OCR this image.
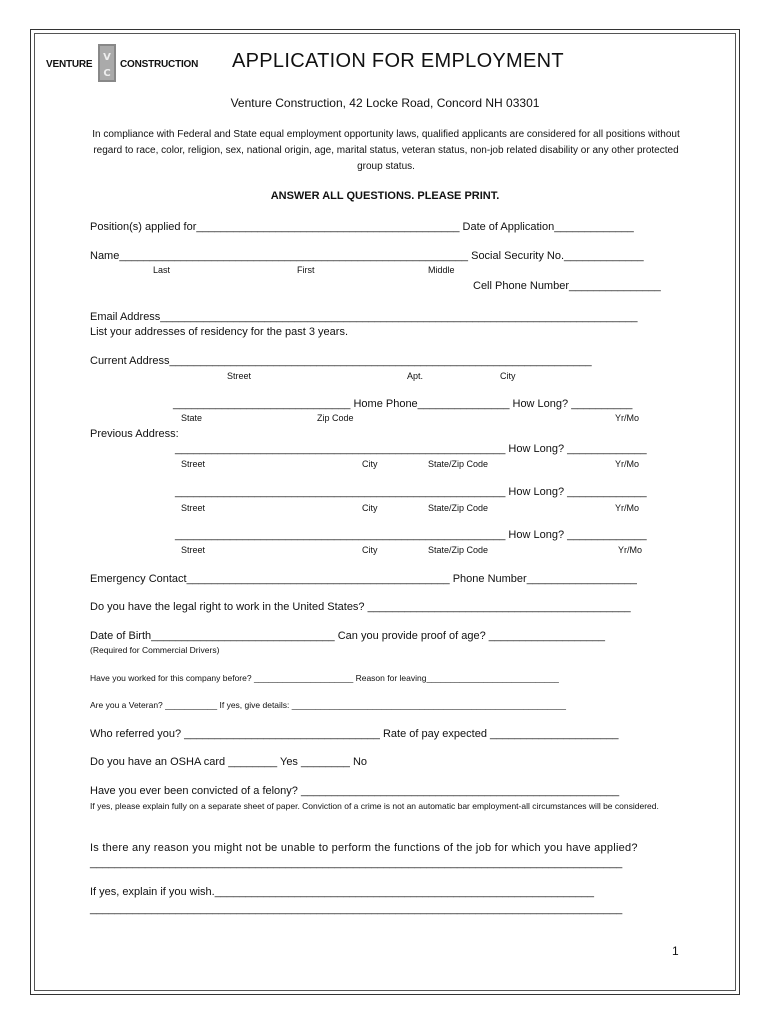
VENTURE
V
C
CONSTRUCTION APPLICATION FOR EMPLOYMENT
Venture Construction, 42 Locke Road, Concord NH 03301
In compliance with Federal and State equal employment opportunity laws, qualified applicants are considered for all positions without regard to race, color, religion, sex, national origin, age, marital status, veteran status, non-job related disability or any other protected group status.
ANSWER ALL QUESTIONS. PLEASE PRINT.
Position(s) applied for___________________________________________ Date of Application_____________
Name_________________________________________________________ Social Security No._____________
Last	First	Middle
Cell Phone Number_______________
Email Address______________________________________________________________________________
List your addresses of residency for the past 3 years.
Current Address_____________________________________________________________________
Street	Apt.	City
_____________________________ Home Phone_______________ How Long? __________
State	Zip Code	Yr/Mo
Previous Address:
______________________________________________________ How Long? _____________
Street	City	State/Zip Code	Yr/Mo
______________________________________________________ How Long? _____________
Street	City	State/Zip Code	Yr/Mo
______________________________________________________ How Long? _____________
Street	City	State/Zip Code	Yr/Mo
Emergency Contact___________________________________________ Phone Number__________________
Do you have the legal right to work in the United States? ___________________________________________
Date of Birth______________________________ Can you provide proof of age? ___________________
(Required for Commercial Drivers)
Have you worked for this company before? _____________________ Reason for leaving____________________________
Are you a Veteran? ___________ If yes, give details: __________________________________________________________
Who referred you? ________________________________ Rate of pay expected _____________________
Do you have an OSHA card ________ Yes ________ No
Have you ever been convicted of a felony? ____________________________________________________
If yes, please explain fully on a separate sheet of paper. Conviction of a crime is not an automatic bar employment-all circumstances will be considered.
Is there any reason you might not be unable to perform the functions of the job for which you have applied?
_______________________________________________________________________________________
If yes, explain if you wish.______________________________________________________________
_______________________________________________________________________________________
1
